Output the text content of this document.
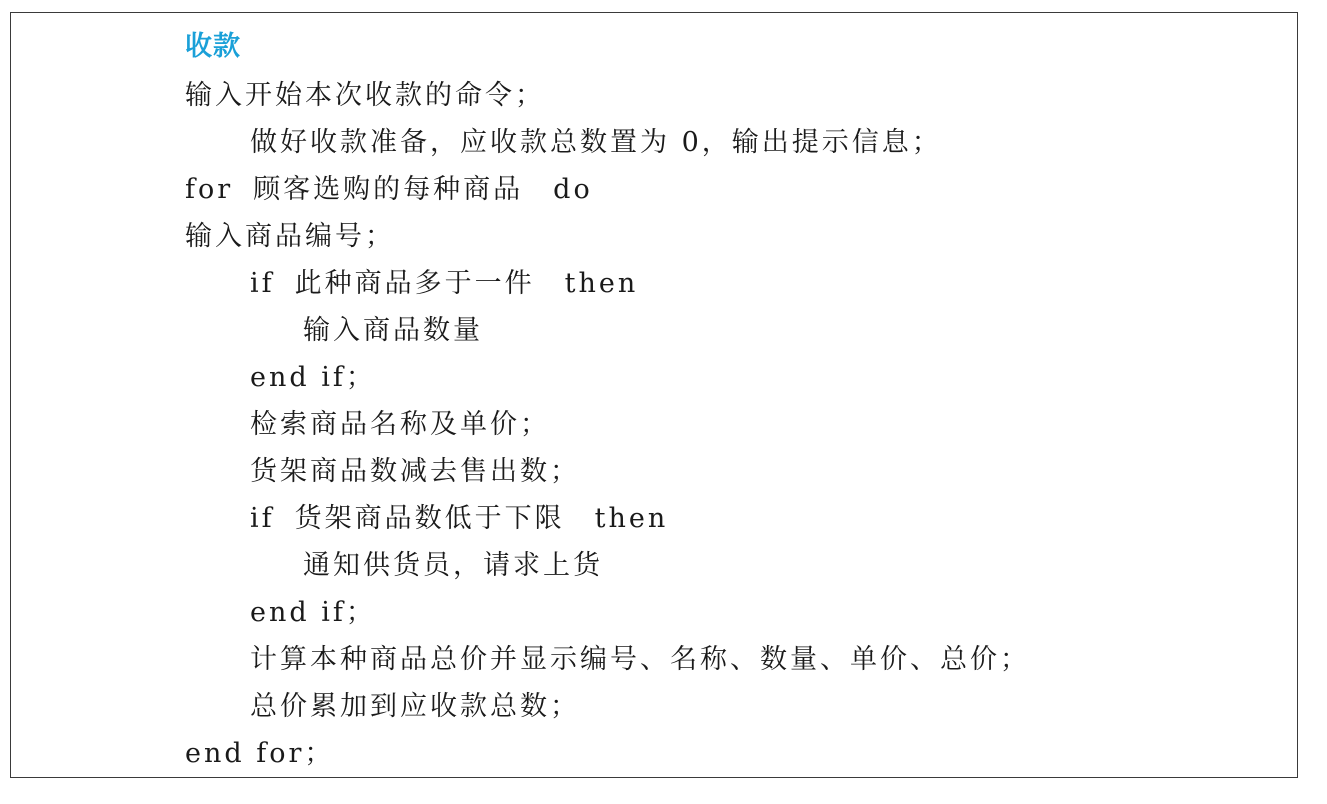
收款
输入开始本次收款的命令；
做好收款准备，应收款总数置为 0，输出提示信息；
for 顾客选购的每种商品 do
输入商品编号；
if 此种商品多于一件 then
输入商品数量
end if；
检索商品名称及单价；
货架商品数减去售出数；
if 货架商品数低于下限 then
通知供货员，请求上货
end if；
计算本种商品总价并显示编号、名称、数量、单价、总价；
总价累加到应收款总数；
end for；
